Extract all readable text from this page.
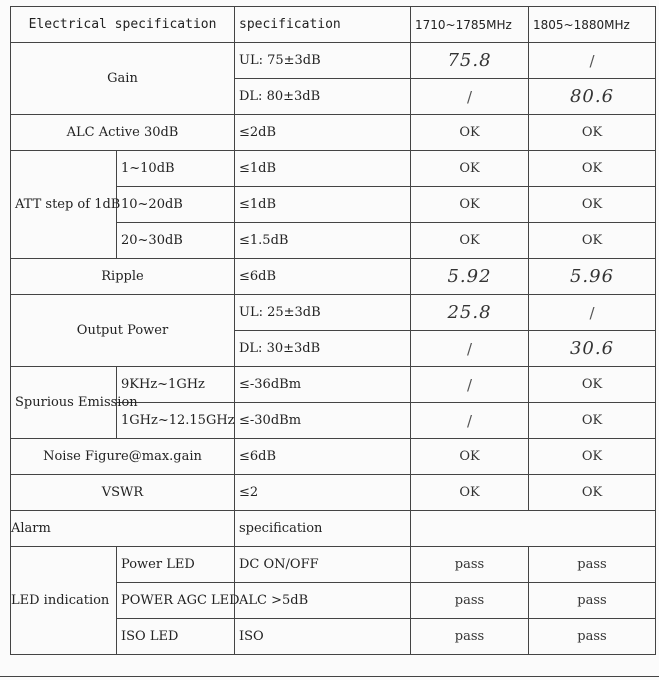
Electrical specification		specification	1710~1785MHz	1805~1880MHz
Gain		UL: 75±3dB	75.8	/
		DL: 80±3dB	/	80.6
ALC Active 30dB		≤2dB	OK	OK
ATT step of 1dB	1~10dB	≤1dB	OK	OK
	10~20dB	≤1dB	OK	OK
	20~30dB	≤1.5dB	OK	OK
Ripple		≤6dB	5.92	5.96
Output Power		UL: 25±3dB	25.8	/
		DL: 30±3dB	/	30.6
Spurious Emission	9KHz~1GHz	≤-36dBm	/	OK
	1GHz~12.15GHz	≤-30dBm	/	OK
Noise Figure@max.gain		≤6dB	OK	OK
VSWR		≤2	OK	OK
Alarm		specification		
LED indication	Power LED	DC ON/OFF	pass	pass
	POWER AGC LED	ALC >5dB	pass	pass
	ISO LED	ISO	pass	pass
